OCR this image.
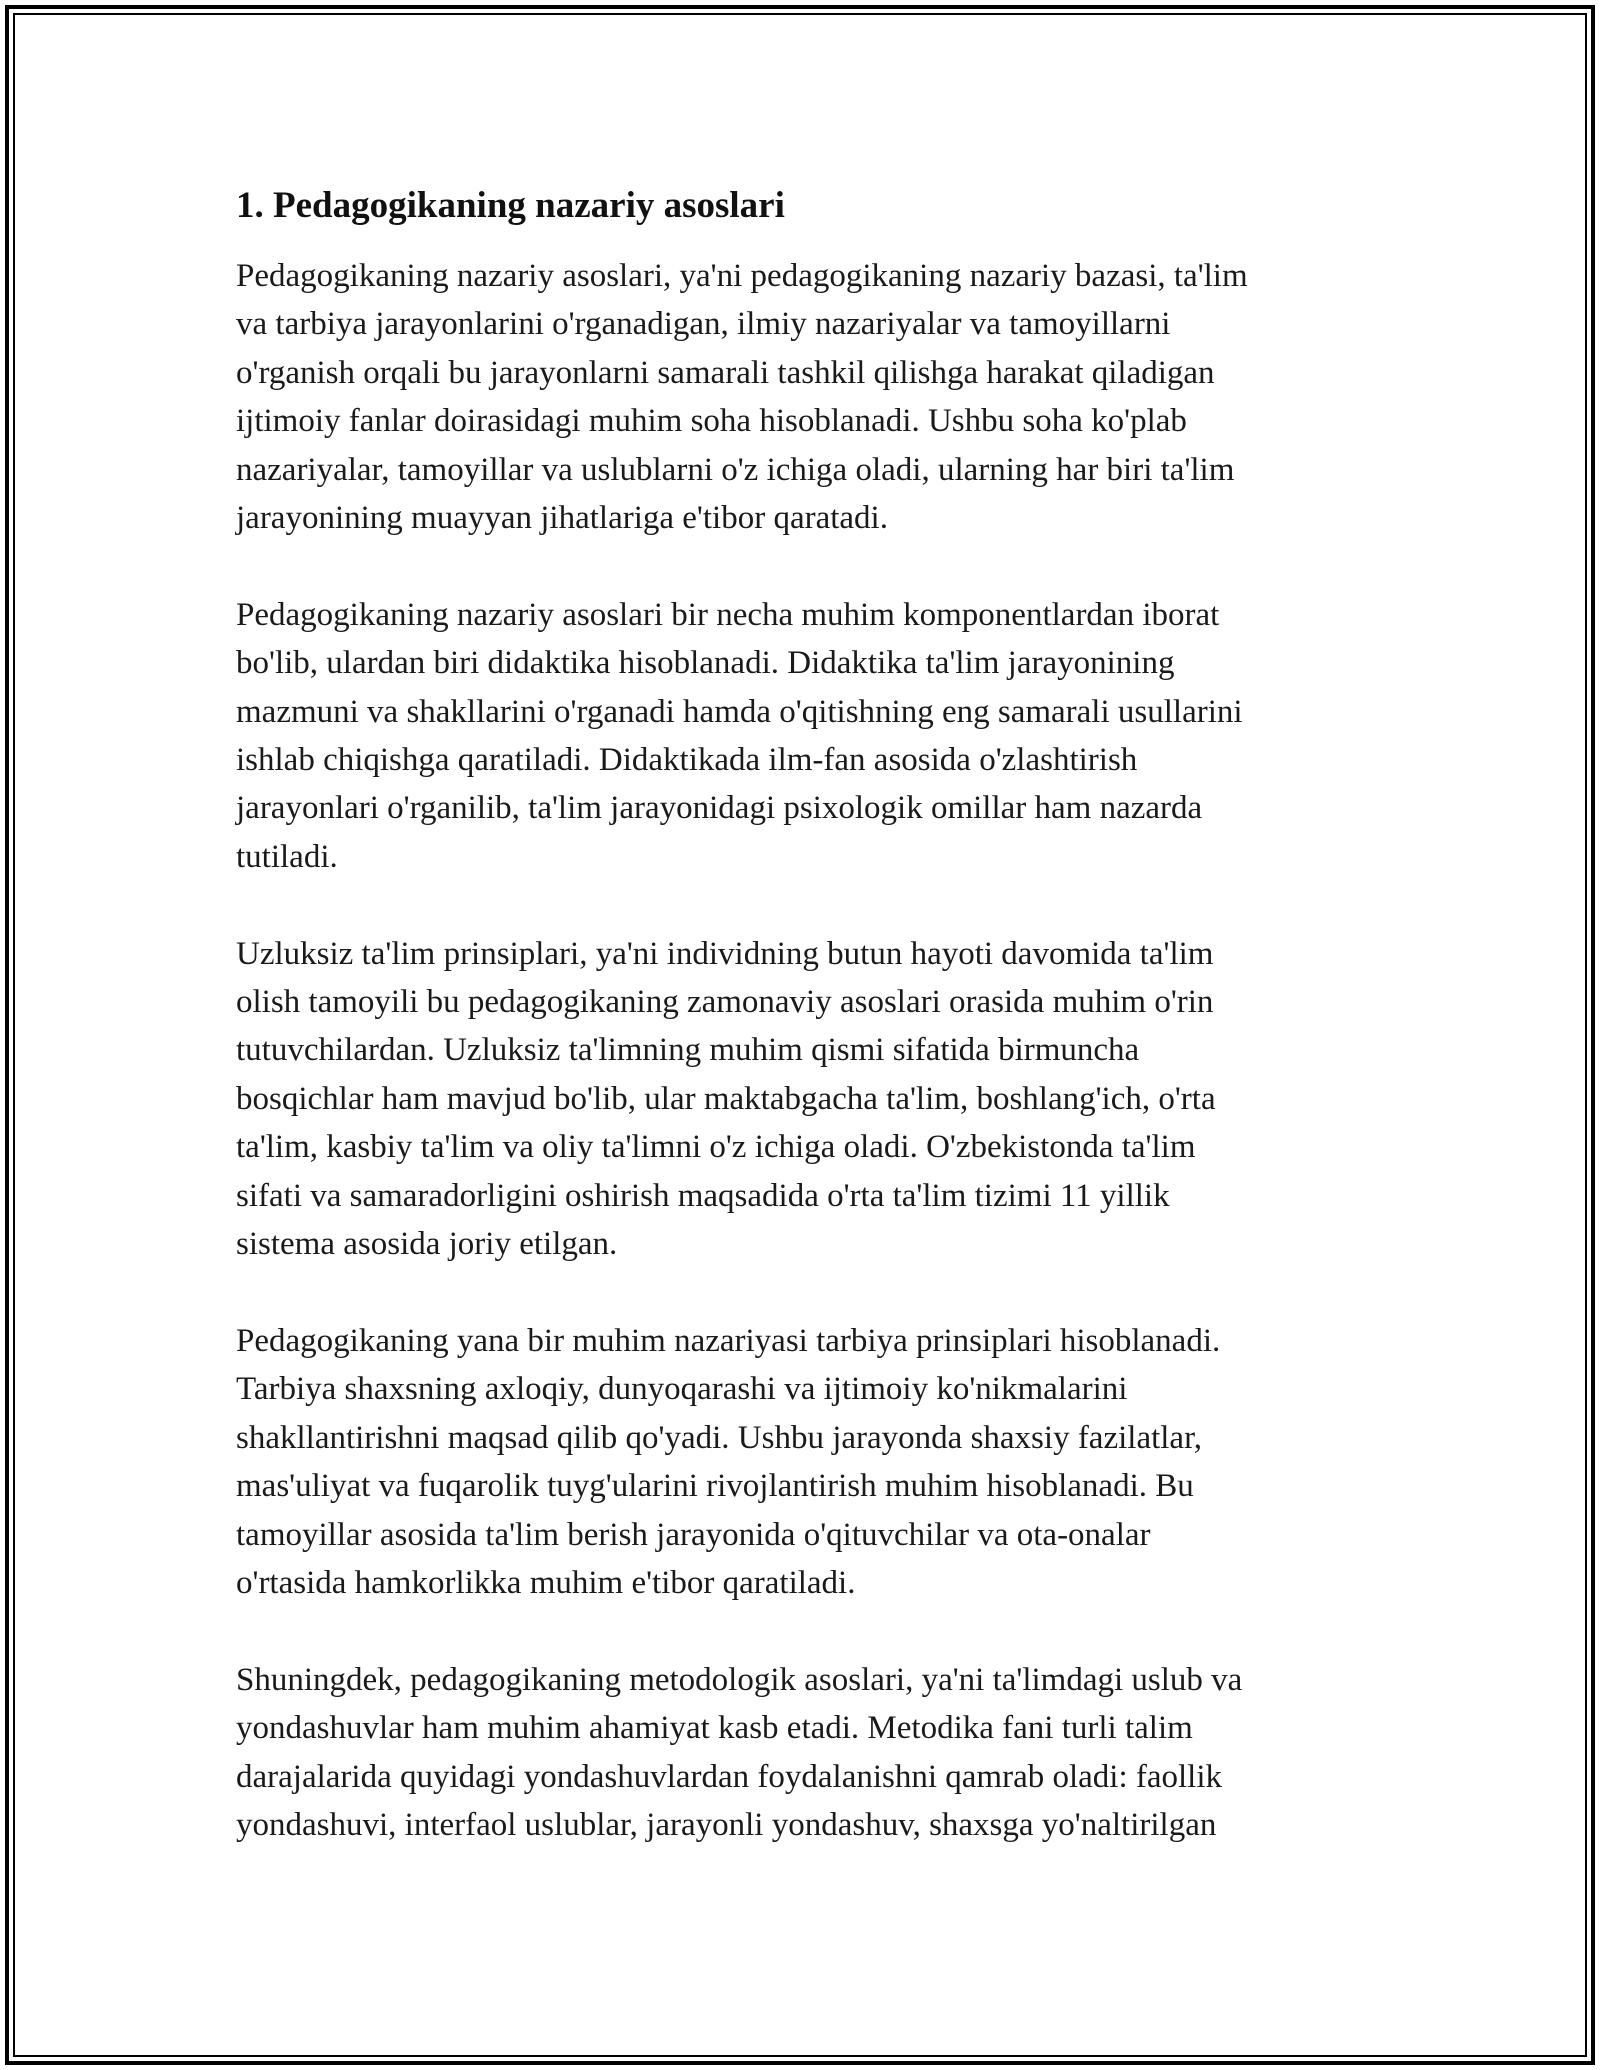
1. Pedagogikaning nazariy asoslari

Pedagogikaning nazariy asoslari, ya'ni pedagogikaning nazariy bazasi, ta'lim
va tarbiya jarayonlarini o'rganadigan, ilmiy nazariyalar va tamoyillarni
o'rganish orqali bu jarayonlarni samarali tashkil qilishga harakat qiladigan
ijtimoiy fanlar doirasidagi muhim soha hisoblanadi. Ushbu soha ko'plab
nazariyalar, tamoyillar va uslublarni o'z ichiga oladi, ularning har biri ta'lim
jarayonining muayyan jihatlariga e'tibor qaratadi.

Pedagogikaning nazariy asoslari bir necha muhim komponentlardan iborat
bo'lib, ulardan biri didaktika hisoblanadi. Didaktika ta'lim jarayonining
mazmuni va shakllarini o'rganadi hamda o'qitishning eng samarali usullarini
ishlab chiqishga qaratiladi. Didaktikada ilm-fan asosida o'zlashtirish
jarayonlari o'rganilib, ta'lim jarayonidagi psixologik omillar ham nazarda
tutiladi.

Uzluksiz ta'lim prinsiplari, ya'ni individning butun hayoti davomida ta'lim
olish tamoyili bu pedagogikaning zamonaviy asoslari orasida muhim o'rin
tutuvchilardan. Uzluksiz ta'limning muhim qismi sifatida birmuncha
bosqichlar ham mavjud bo'lib, ular maktabgacha ta'lim, boshlang'ich, o'rta
ta'lim, kasbiy ta'lim va oliy ta'limni o'z ichiga oladi. O'zbekistonda ta'lim
sifati va samaradorligini oshirish maqsadida o'rta ta'lim tizimi 11 yillik
sistema asosida joriy etilgan.

Pedagogikaning yana bir muhim nazariyasi tarbiya prinsiplari hisoblanadi.
Tarbiya shaxsning axloqiy, dunyoqarashi va ijtimoiy ko'nikmalarini
shakllantirishni maqsad qilib qo'yadi. Ushbu jarayonda shaxsiy fazilatlar,
mas'uliyat va fuqarolik tuyg'ularini rivojlantirish muhim hisoblanadi. Bu
tamoyillar asosida ta'lim berish jarayonida o'qituvchilar va ota-onalar
o'rtasida hamkorlikka muhim e'tibor qaratiladi.

Shuningdek, pedagogikaning metodologik asoslari, ya'ni ta'limdagi uslub va
yondashuvlar ham muhim ahamiyat kasb etadi. Metodika fani turli talim
darajalarida quyidagi yondashuvlardan foydalanishni qamrab oladi: faollik
yondashuvi, interfaol uslublar, jarayonli yondashuv, shaxsga yo'naltirilgan
